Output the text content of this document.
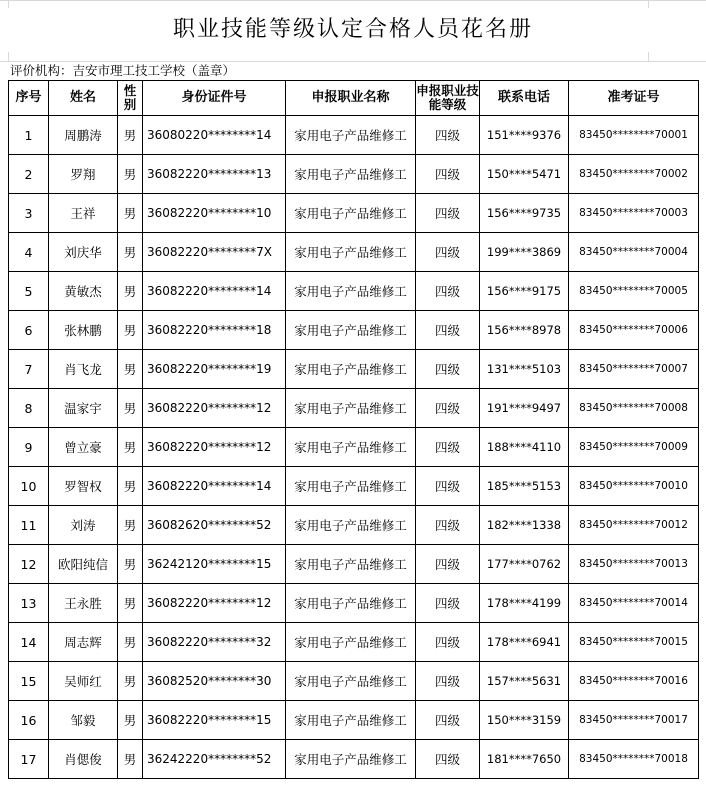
职业技能等级认定合格人员花名册
评价机构：吉安市理工技工学校（盖章）
序号	姓名	性别	身份证件号	申报职业名称	申报职业技能等级	联系电话	准考证号
1	周鹏涛	男	36080220********14	家用电子产品维修工	四级	151****9376	83450********70001
2	罗翔	男	36082220********13	家用电子产品维修工	四级	150****5471	83450********70002
3	王祥	男	36082220********10	家用电子产品维修工	四级	156****9735	83450********70003
4	刘庆华	男	36082220********7X	家用电子产品维修工	四级	199****3869	83450********70004
5	黄敏杰	男	36082220********14	家用电子产品维修工	四级	156****9175	83450********70005
6	张林鹏	男	36082220********18	家用电子产品维修工	四级	156****8978	83450********70006
7	肖飞龙	男	36082220********19	家用电子产品维修工	四级	131****5103	83450********70007
8	温家宇	男	36082220********12	家用电子产品维修工	四级	191****9497	83450********70008
9	曾立豪	男	36082220********12	家用电子产品维修工	四级	188****4110	83450********70009
10	罗智权	男	36082220********14	家用电子产品维修工	四级	185****5153	83450********70010
11	刘涛	男	36082620********52	家用电子产品维修工	四级	182****1338	83450********70012
12	欧阳纯信	男	36242120********15	家用电子产品维修工	四级	177****0762	83450********70013
13	王永胜	男	36082220********12	家用电子产品维修工	四级	178****4199	83450********70014
14	周志辉	男	36082220********32	家用电子产品维修工	四级	178****6941	83450********70015
15	吴师红	男	36082520********30	家用电子产品维修工	四级	157****5631	83450********70016
16	邹毅	男	36082220********15	家用电子产品维修工	四级	150****3159	83450********70017
17	肖偲俊	男	36242220********52	家用电子产品维修工	四级	181****7650	83450********70018
